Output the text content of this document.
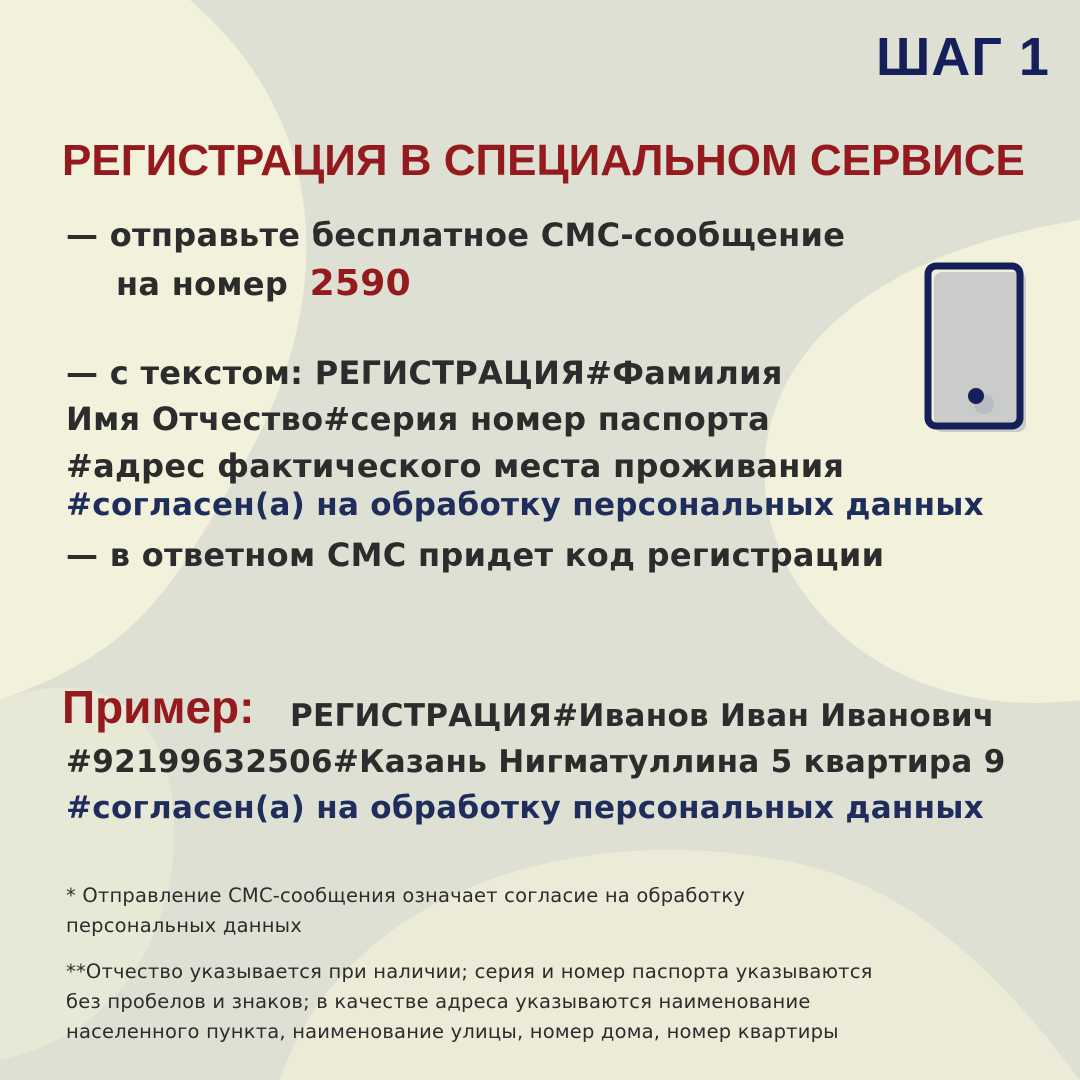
ШАГ 1
РЕГИСТРАЦИЯ В СПЕЦИАЛЬНОМ СЕРВИСЕ
— отправьте бесплатное СМС-сообщение
на номер 2590
— с текстом: РЕГИСТРАЦИЯ#Фамилия
Имя Отчество#серия номер паспорта
#адрес фактического места проживания
#согласен(а) на обработку персональных данных
— в ответном СМС придет код регистрации
Пример: РЕГИСТРАЦИЯ#Иванов Иван Иванович
#92199632506#Казань Нигматуллина 5 квартира 9
#согласен(а) на обработку персональных данных
* Отправление СМС-сообщения означает согласие на обработку
персональных данных
**Отчество указывается при наличии; серия и номер паспорта указываются
без пробелов и знаков; в качестве адреса указываются наименование
населенного пункта, наименование улицы, номер дома, номер квартиры
